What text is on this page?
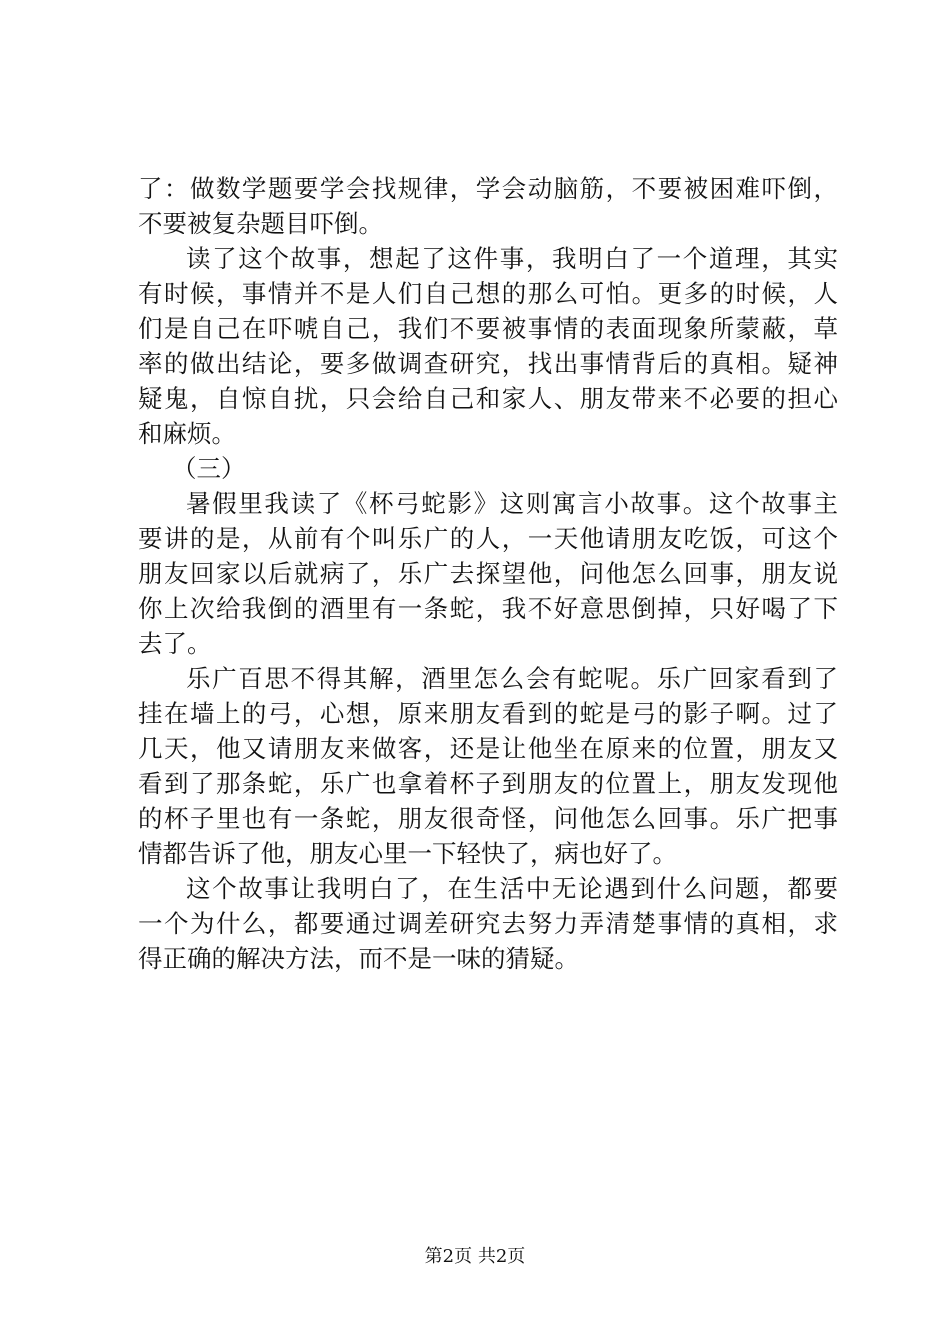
了：做数学题要学会找规律，学会动脑筋，不要被困难吓倒，
不要被复杂题目吓倒。
读了这个故事，想起了这件事，我明白了一个道理，其实
有时候，事情并不是人们自己想的那么可怕。更多的时候，人
们是自己在吓唬自己，我们不要被事情的表面现象所蒙蔽，草
率的做出结论，要多做调查研究，找出事情背后的真相。疑神
疑鬼，自惊自扰，只会给自己和家人、朋友带来不必要的担心
和麻烦。
（三）
暑假里我读了《杯弓蛇影》这则寓言小故事。这个故事主
要讲的是，从前有个叫乐广的人，一天他请朋友吃饭，可这个
朋友回家以后就病了，乐广去探望他，问他怎么回事，朋友说
你上次给我倒的酒里有一条蛇，我不好意思倒掉，只好喝了下
去了。
乐广百思不得其解，酒里怎么会有蛇呢。乐广回家看到了
挂在墙上的弓，心想，原来朋友看到的蛇是弓的影子啊。过了
几天，他又请朋友来做客，还是让他坐在原来的位置，朋友又
看到了那条蛇，乐广也拿着杯子到朋友的位置上，朋友发现他
的杯子里也有一条蛇，朋友很奇怪，问他怎么回事。乐广把事
情都告诉了他，朋友心里一下轻快了，病也好了。
这个故事让我明白了，在生活中无论遇到什么问题，都要
一个为什么，都要通过调差研究去努力弄清楚事情的真相，求
得正确的解决方法，而不是一味的猜疑。
第2页 共2页
